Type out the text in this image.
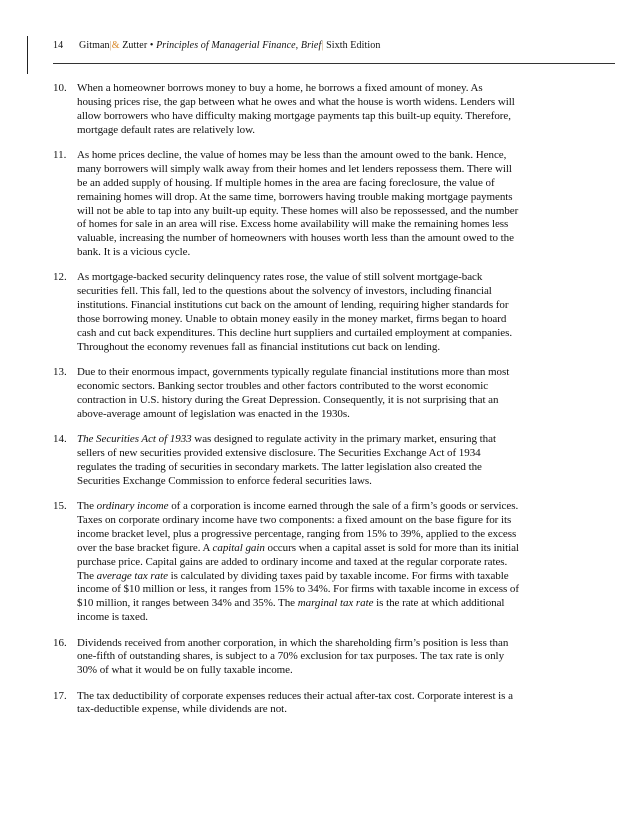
14 Gitman|& Zutter • Principles of Managerial Finance, Brief| Sixth Edition
10. When a homeowner borrows money to buy a home, he borrows a fixed amount of money. As
housing prices rise, the gap between what he owes and what the house is worth widens. Lenders will
allow borrowers who have difficulty making mortgage payments tap this built-up equity. Therefore,
mortgage default rates are relatively low.
11. As home prices decline, the value of homes may be less than the amount owed to the bank. Hence,
many borrowers will simply walk away from their homes and let lenders repossess them. There will
be an added supply of housing. If multiple homes in the area are facing foreclosure, the value of
remaining homes will drop. At the same time, borrowers having trouble making mortgage payments
will not be able to tap into any built-up equity. These homes will also be repossessed, and the number
of homes for sale in an area will rise. Excess home availability will make the remaining homes less
valuable, increasing the number of homeowners with houses worth less than the amount owed to the
bank. It is a vicious cycle.
12. As mortgage-backed security delinquency rates rose, the value of still solvent mortgage-back
securities fell. This fall, led to the questions about the solvency of investors, including financial
institutions. Financial institutions cut back on the amount of lending, requiring higher standards for
those borrowing money. Unable to obtain money easily in the money market, firms began to hoard
cash and cut back expenditures. This decline hurt suppliers and curtailed employment at companies.
Throughout the economy revenues fall as financial institutions cut back on lending.
13. Due to their enormous impact, governments typically regulate financial institutions more than most
economic sectors. Banking sector troubles and other factors contributed to the worst economic
contraction in U.S. history during the Great Depression. Consequently, it is not surprising that an
above-average amount of legislation was enacted in the 1930s.
14. The Securities Act of 1933 was designed to regulate activity in the primary market, ensuring that
sellers of new securities provided extensive disclosure. The Securities Exchange Act of 1934
regulates the trading of securities in secondary markets. The latter legislation also created the
Securities Exchange Commission to enforce federal securities laws.
15. The ordinary income of a corporation is income earned through the sale of a firm’s goods or services.
Taxes on corporate ordinary income have two components: a fixed amount on the base figure for its
income bracket level, plus a progressive percentage, ranging from 15% to 39%, applied to the excess
over the base bracket figure. A capital gain occurs when a capital asset is sold for more than its initial
purchase price. Capital gains are added to ordinary income and taxed at the regular corporate rates.
The average tax rate is calculated by dividing taxes paid by taxable income. For firms with taxable
income of $10 million or less, it ranges from 15% to 34%. For firms with taxable income in excess of
$10 million, it ranges between 34% and 35%. The marginal tax rate is the rate at which additional
income is taxed.
16. Dividends received from another corporation, in which the shareholding firm’s position is less than
one-fifth of outstanding shares, is subject to a 70% exclusion for tax purposes. The tax rate is only
30% of what it would be on fully taxable income.
17. The tax deductibility of corporate expenses reduces their actual after-tax cost. Corporate interest is a
tax-deductible expense, while dividends are not.
